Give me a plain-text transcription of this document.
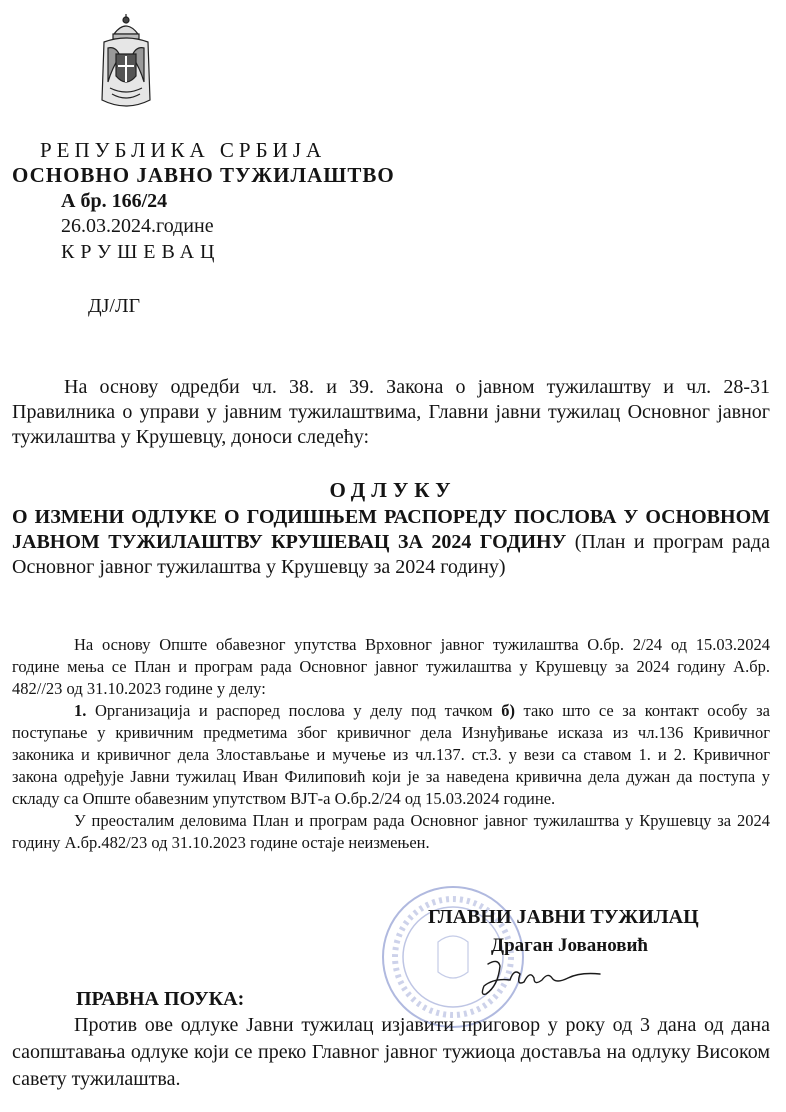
РЕПУБЛИКА СРБИЈА
ОСНОВНО ЈАВНО ТУЖИЛАШТВО
А бр. 166/24
26.03.2024.године
КРУШЕВАЦ
ДЈ/ЛГ
На основу одредби чл. 38. и 39. Закона о јавном тужилаштву и чл. 28-31 Правилника о управи у јавним тужилаштвима, Главни јавни тужилац Основног јавног тужилаштва у Крушевцу, доноси следећу:
ОДЛУКУ
О ИЗМЕНИ ОДЛУКЕ О ГОДИШЊЕМ РАСПОРЕДУ ПОСЛОВА У ОСНОВНОМ ЈАВНОМ ТУЖИЛАШТВУ КРУШЕВАЦ ЗА 2024 ГОДИНУ (План и програм рада Основног јавног тужилаштва у Крушевцу за 2024 годину)

На основу Опште обавезног упутства Врховног јавног тужилаштва О.бр. 2/24 од 15.03.2024 године мења се План и програм рада Основног јавног тужилаштва у Крушевцу за 2024 годину А.бр. 482//23 од 31.10.2023 године у делу:

1. Организација и распоред послова у делу под тачком б) тако што се за контакт особу за поступање у кривичним предметима због кривичног дела Изнуђивање исказа из чл.136 Кривичног законика и кривичног дела Злостављање и мучење из чл.137. ст.3. у вези са ставом 1. и 2. Кривичног закона одређује Јавни тужилац Иван Филиповић који је за наведена кривична дела дужан да поступа у складу са Опште обавезним упутством ВЈТ-а О.бр.2/24 од 15.03.2024 године.

У преосталим деловима План и програм рада Основног јавног тужилаштва у Крушевцу за 2024 годину А.бр.482/23 од 31.10.2023 године остаје неизмењен.

ГЛАВНИ ЈАВНИ ТУЖИЛАЦ
Драган Јовановић
ПРАВНА ПОУКА:
Против ове одлуке Јавни тужилац изјавити приговор у року од 3 дана од дана саопштавања одлуке који се преко Главног јавног тужиоца доставља на одлуку Високом савету тужилаштва.
